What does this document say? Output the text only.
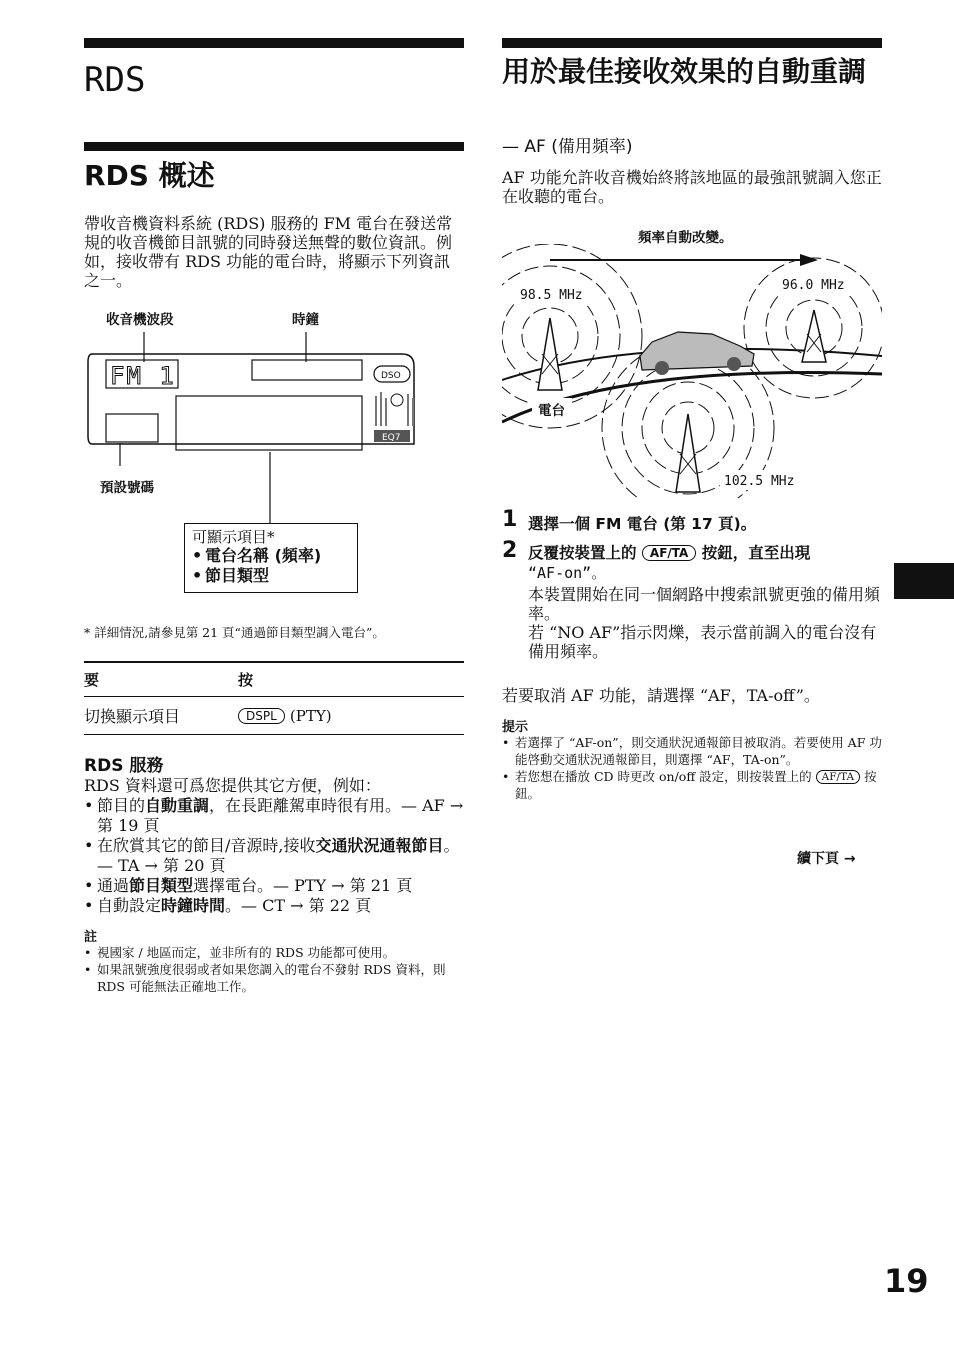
RDS
RDS 概述
帶收音機資料系統 (RDS) 服務的 FM 電台在發送常規的收音機節目訊號的同時發送無聲的數位資訊。例如，接收帶有 RDS 功能的電台時，將顯示下列資訊之一。
收音機波段	時鐘
FM 1	DSO
EQ7
預設號碼
可顯示項目*
• 電台名稱 (頻率)
• 節目類型
* 詳細情況,請參見第 21 頁“通過節目類型調入電台”。
要	按
切換顯示項目	DSPL (PTY)
RDS 服務
RDS 資料還可爲您提供其它方便，例如：
• 節目的自動重調，在長距離駕車時很有用。— AF → 第 19 頁
• 在欣賞其它的節目/音源時,接收交通狀況通報節目。— TA → 第 20 頁
• 通過節目類型選擇電台。— PTY → 第 21 頁
• 自動設定時鐘時間。— CT → 第 22 頁
註
• 視國家 / 地區而定，並非所有的 RDS 功能都可使用。
• 如果訊號強度很弱或者如果您調入的電台不發射 RDS 資料，則 RDS 可能無法正確地工作。
用於最佳接收效果的自動重調
— AF (備用頻率)
AF 功能允許收音機始終將該地區的最強訊號調入您正在收聽的電台。
頻率自動改變。
98.5 MHz
96.0 MHz
102.5 MHz
電台
1 選擇一個 FM 電台 (第 17 頁)。
2 反覆按裝置上的 AF/TA 按鈕，直至出現
“AF-on”。
本裝置開始在同一個網路中搜索訊號更強的備用頻率。
若 “NO AF”指示閃爍，表示當前調入的電台沒有備用頻率。
若要取消 AF 功能，請選擇 “AF，TA-off”。
提示
• 若選擇了 “AF-on”，則交通狀況通報節目被取消。若要使用 AF 功能啓動交通狀況通報節目，則選擇 “AF，TA-on”。
• 若您想在播放 CD 時更改 on/off 設定，則按裝置上的 AF/TA 按鈕。
續下頁 →
19
